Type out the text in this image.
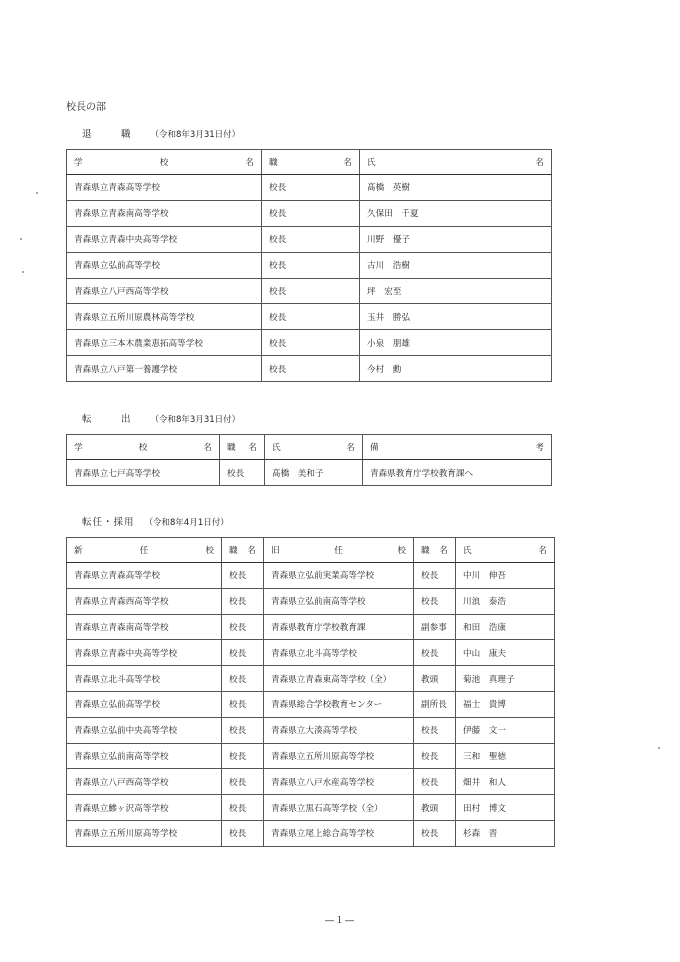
校長の部
退　職 （令和8年3月31日付）
学 校 名	職 名	氏 名

青森県立青森高等学校	校長	髙橋　英樹
青森県立青森南高等学校	校長	久保田　千夏
青森県立青森中央高等学校	校長	川野　優子
青森県立弘前高等学校	校長	古川　浩樹
青森県立八戸西高等学校	校長	坪　宏至
青森県立五所川原農林高等学校	校長	玉井　勝弘
青森県立三本木農業恵拓高等学校	校長	小泉　朋雄
青森県立八戸第一養護学校	校長	今村　勳
転　出 （令和8年3月31日付）
学 校 名	職 名	氏 名	備 考

青森県立七戸高等学校	校長	髙橋　美和子	青森県教育庁学校教育課へ
転任・採用 （令和8年4月1日付）
新 任 校	職 名	旧 任 校	職 名	氏 名

青森県立青森高等学校	校長	青森県立弘前実業高等学校	校長	中川　伸吾
青森県立青森西高等学校	校長	青森県立弘前南高等学校	校長	川浪　泰浩
青森県立青森南高等学校	校長	青森県教育庁学校教育課	副参事	和田　浩康
青森県立青森中央高等学校	校長	青森県立北斗高等学校	校長	中山　康夫
青森県立北斗高等学校	校長	青森県立青森東高等学校（全）	教頭	菊池　真理子
青森県立弘前高等学校	校長	青森県総合学校教育センター	副所長	福士　貴博
青森県立弘前中央高等学校	校長	青森県立大湊高等学校	校長	伊藤　文一
青森県立弘前南高等学校	校長	青森県立五所川原高等学校	校長	三和　聖徳
青森県立八戸西高等学校	校長	青森県立八戸水産高等学校	校長	畑井　和人
青森県立鰺ヶ沢高等学校	校長	青森県立黒石高等学校（全）	教頭	田村　博文
青森県立五所川原高等学校	校長	青森県立尾上総合高等学校	校長	杉森　晋
―１―
